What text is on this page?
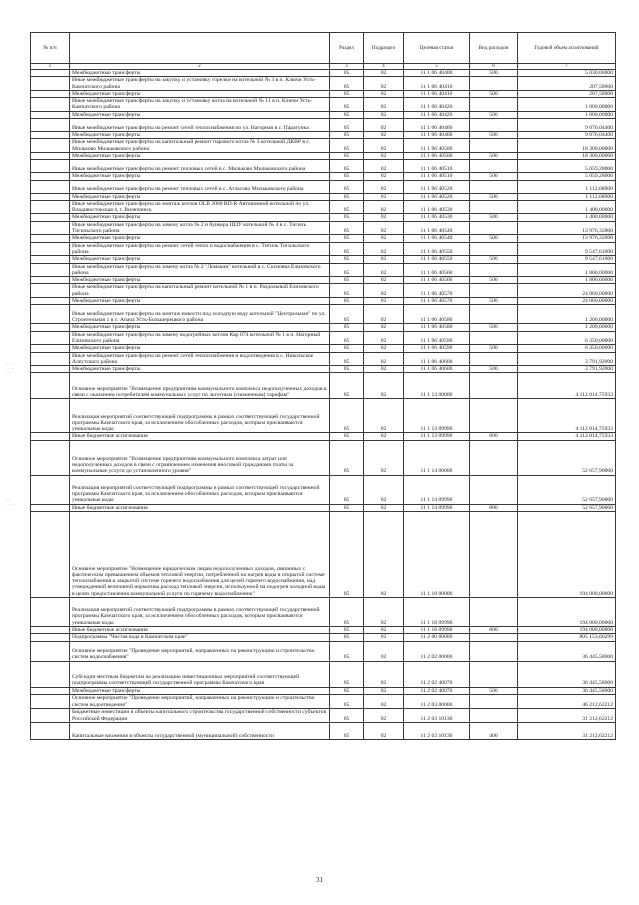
№ п/п		Раздел	Подраздел	Целевая статья	Вид расходов	Годовой объем ассигнований
1	2	3	4	5	6	7
	Межбюджетные трансферты	05	02	11 1 06 40400	500	5 030,00000
	Иные межбюджетные трансферты на закупку и установку горелки на котельной № 3 в п. Ключи Усть-Камчатского района	05	02	11 1 06 40410		207,50000
	Межбюджетные трансферты	05	02	11 1 06 40410	500	207,50000
	Иные межбюджетные трансферты на закупку и установку котла на котельной № 11 в п. Ключи Усть-Камчатского района	05	02	11 1 06 40420		1 000,00000
	Межбюджетные трансферты	05	02	11 1 06 40420	500	1 000,00000
	Иные межбюджетные трансферты на ремонт сетей теплоснабжения по ул. Нагорная в с. Паратунка	05	02	11 1 06 40460		9 076,04400
	Межбюджетные трансферты	05	02	11 1 06 40460	500	9 076,04400
	Иные межбюджетные трансферты на капитальный ремонт парового котла № 3 котельной ДКВР в с. Мильково Мильковского района	05	02	11 1 06 40500		18 300,00000
	Межбюджетные трансферты	05	02	11 1 06 40500	500	18 300,00000
	Иные межбюджетные трансферты на ремонт тепловых сетей в с. Мильково Мильковского района	05	02	11 1 06 40510		5 059,28000
	Межбюджетные трансферты	05	02	11 1 06 40510	500	5 059,28000
	Иные межбюджетные трансферты на ремонт тепловых сетей в с. Атласово Мильковского района	05	02	11 1 06 40520		1 112,68000
	Межбюджетные трансферты	05	02	11 1 06 40520	500	1 112,68000
	Иные межбюджетные трансферты на монтаж котлов OLB 2000 RD-R Автономной котельной по ул. Владивостокская 4, г. Вилючинск	05	02	11 1 06 40530		1 400,00000
	Межбюджетные трансферты	05	02	11 1 06 40530	500	1 400,00000
	Иные межбюджетные трансферты на замену котла № 2 и бункера ШЗУ котельной № 4 в с. Тигиль Тигильского района	05	02	11 1 06 40540		13 976,32000
	Межбюджетные трансферты	05	02	11 1 06 40540	500	13 976,32000
	Иные межбюджетные трансферты на ремонт сетей тепло и водоснабжения в с. Тигиль Тигильского района	05	02	11 1 06 40550		9 547,61000
	Межбюджетные трансферты	05	02	11 1 06 40550	500	9 547,61000
	Иные межбюджетные трансферты на замену котла № 2 "Ломакин" котельной в с. Сосновка Елизовского района	05	02	11 1 06 40560		1 800,00000
	Межбюджетные трансферты	05	02	11 1 06 40560	500	1 800,00000
	Иные межбюджетные трансферты на капитальный ремонт котельной № 1 в п. Раздольный Елизовского района	05	02	11 1 06 40570		24 060,00000
	Межбюджетные трансферты	05	02	11 1 06 40570	500	24 060,00000
	Иные межбюджетные трансферты на монтаж емкости под холодную воду котельной "Центральная" по ул. Строительная 1 в с. Апача Усть-Большерецкого района	05	02	11 1 06 40580		1 200,00000
	Межбюджетные трансферты	05	02	11 1 06 40580	500	1 200,00000
	Иные межбюджетные трансферты на замену водогрейных котлов Квр 074 котельной № 1 в п. Нагорный Елизовского района	05	02	11 1 06 40590		6 350,00000
	Межбюджетные трансферты	05	02	11 1 06 40590	500	6 350,00000
	Иные межбюджетные трансферты на ремонт сетей теплоснабжения и водоотведения в с. Никольское Алеутского района	05	02	11 1 06 40600		3 791,92000
	Межбюджетные трансферты	05	02	11 1 06 40600	500	3 791,92000
	Основное мероприятие "Возмещение предприятиям коммунального комплекса недополученных доходов в связи с оказанием потребителям коммунальных услуг по льготным (сниженным) тарифам"	05	02	11 1 13 00000		4 112 014,75933
	Реализация мероприятий соответствующей подпрограммы в рамках соответствующей государственной программы Камчатского края, за исключением обособленных расходов, которым присваиваются уникальные коды	05	02	11 1 13 09990		4 112 014,75933
	Иные бюджетные ассигнования	05	02	11 1 13 09990	800	4 112 014,75933
	Основное мероприятие "Возмещение предприятиям коммунального комплекса затрат или недополученных доходов в связи с ограничением изменения вносимой гражданами платы за коммунальные услуги до установленного уровня"	05	02	11 1 14 00000		52 657,90000
	Реализация мероприятий соответствующей подпрограммы в рамках соответствующей государственной программы Камчатского края, за исключением обособленных расходов, которым присваиваются уникальные коды	05	02	11 1 14 09990		52 657,90000
	Иные бюджетные ассигнования	05	02	11 1 14 09990	800	52 657,90000
	Основное мероприятие "Возмещение юридическим лицам недополученных доходов, связанных с фактическим превышением объемов тепловой энергии, потребленной на нагрев воды в открытой системе теплоснабжения и закрытой системе горячего водоснабжения для целей горячего водоснабжения, над утвержденной величиной норматива расхода тепловой энергии, используемой на подогрев холодной воды в целях предоставления коммунальной услуги по горячему водоснабжению"	05	02	11 1 18 00000		194 000,00000
	Реализация мероприятий соответствующей подпрограммы в рамках соответствующей государственной программы Камчатского края, за исключением обособленных расходов, которым присваиваются уникальные коды	05	02	11 1 18 09990		194 000,00000
	Иные бюджетные ассигнования	05	02	11 1 18 09990	800	194 000,00000
	Подпрограмма "Чистая вода в Камчатском крае"	05	02	11 2 00 00000		805 153,66299
	Основное мероприятие "Проведение мероприятий, направленных на реконструкцию и строительство систем водоснабжения"	05	02	11 2 02 00000		36 445,58000
	Субсидии местным бюджетам на реализацию инвестиционных мероприятий соответствующей подпрограммы соответствующей государственной программы Камчатского края	05	02	11 2 02 40070		36 445,58000
	Межбюджетные трансферты	05	02	11 2 02 40070	500	36 445,58000
	Основное мероприятие "Проведение мероприятий, направленных на реконструкцию и строительство систем водоотведения"	05	02	11 2 03 00000		46 212,62212
	Бюджетные инвестиции в объекты капитального строительства государственной собственности субъектов Российской Федерации	05	02	11 2 03 10130		31 212,62212
	Капитальные вложения в объекты государственной (муниципальной) собственности	05	02	11 2 03 10130	400	31 212,62212
·· · ·
· · ··
·· ·
·· ·
· ·· ·
31
